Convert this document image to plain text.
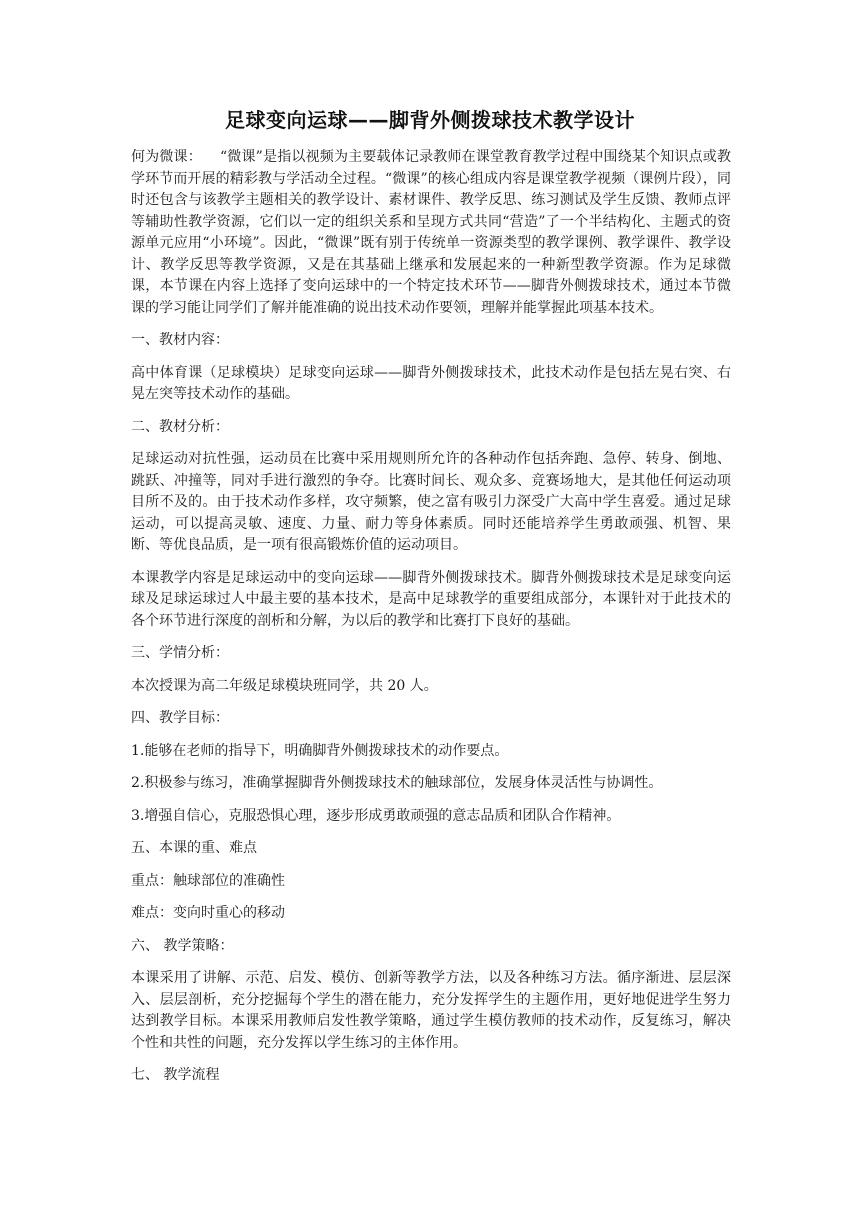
足球变向运球——脚背外侧拨球技术教学设计

何为微课： “微课”是指以视频为主要载体记录教师在课堂教育教学过程中围绕某个知识点或教学环节而开展的精彩教与学活动全过程。“微课”的核心组成内容是课堂教学视频（课例片段），同时还包含与该教学主题相关的教学设计、素材课件、教学反思、练习测试及学生反馈、教师点评等辅助性教学资源，它们以一定的组织关系和呈现方式共同“营造”了一个半结构化、主题式的资源单元应用“小环境”。因此，“微课”既有别于传统单一资源类型的教学课例、教学课件、教学设计、教学反思等教学资源，又是在其基础上继承和发展起来的一种新型教学资源。作为足球微课，本节课在内容上选择了变向运球中的一个特定技术环节——脚背外侧拨球技术，通过本节微课的学习能让同学们了解并能准确的说出技术动作要领，理解并能掌握此项基本技术。

一、教材内容：

高中体育课（足球模块）足球变向运球——脚背外侧拨球技术，此技术动作是包括左晃右突、右晃左突等技术动作的基础。

二、教材分析：

足球运动对抗性强，运动员在比赛中采用规则所允许的各种动作包括奔跑、急停、转身、倒地、跳跃、冲撞等，同对手进行激烈的争夺。比赛时间长、观众多、竞赛场地大，是其他任何运动项目所不及的。由于技术动作多样，攻守频繁，使之富有吸引力深受广大高中学生喜爱。通过足球运动，可以提高灵敏、速度、力量、耐力等身体素质。同时还能培养学生勇敢顽强、机智、果断、等优良品质，是一项有很高锻炼价值的运动项目。

本课教学内容是足球运动中的变向运球——脚背外侧拨球技术。脚背外侧拨球技术是足球变向运球及足球运球过人中最主要的基本技术，是高中足球教学的重要组成部分，本课针对于此技术的各个环节进行深度的剖析和分解，为以后的教学和比赛打下良好的基础。

三、学情分析：

本次授课为高二年级足球模块班同学，共 20 人。

四、教学目标：

1.能够在老师的指导下，明确脚背外侧拨球技术的动作要点。

2.积极参与练习，准确掌握脚背外侧拨球技术的触球部位，发展身体灵活性与协调性。

3.增强自信心，克服恐惧心理，逐步形成勇敢顽强的意志品质和团队合作精神。

五、本课的重、难点

重点：触球部位的准确性

难点：变向时重心的移动

六、 教学策略：

本课采用了讲解、示范、启发、模仿、创新等教学方法，以及各种练习方法。循序渐进、层层深入、层层剖析，充分挖掘每个学生的潜在能力，充分发挥学生的主题作用，更好地促进学生努力达到教学目标。本课采用教师启发性教学策略，通过学生模仿教师的技术动作，反复练习，解决个性和共性的问题，充分发挥以学生练习的主体作用。

七、 教学流程
